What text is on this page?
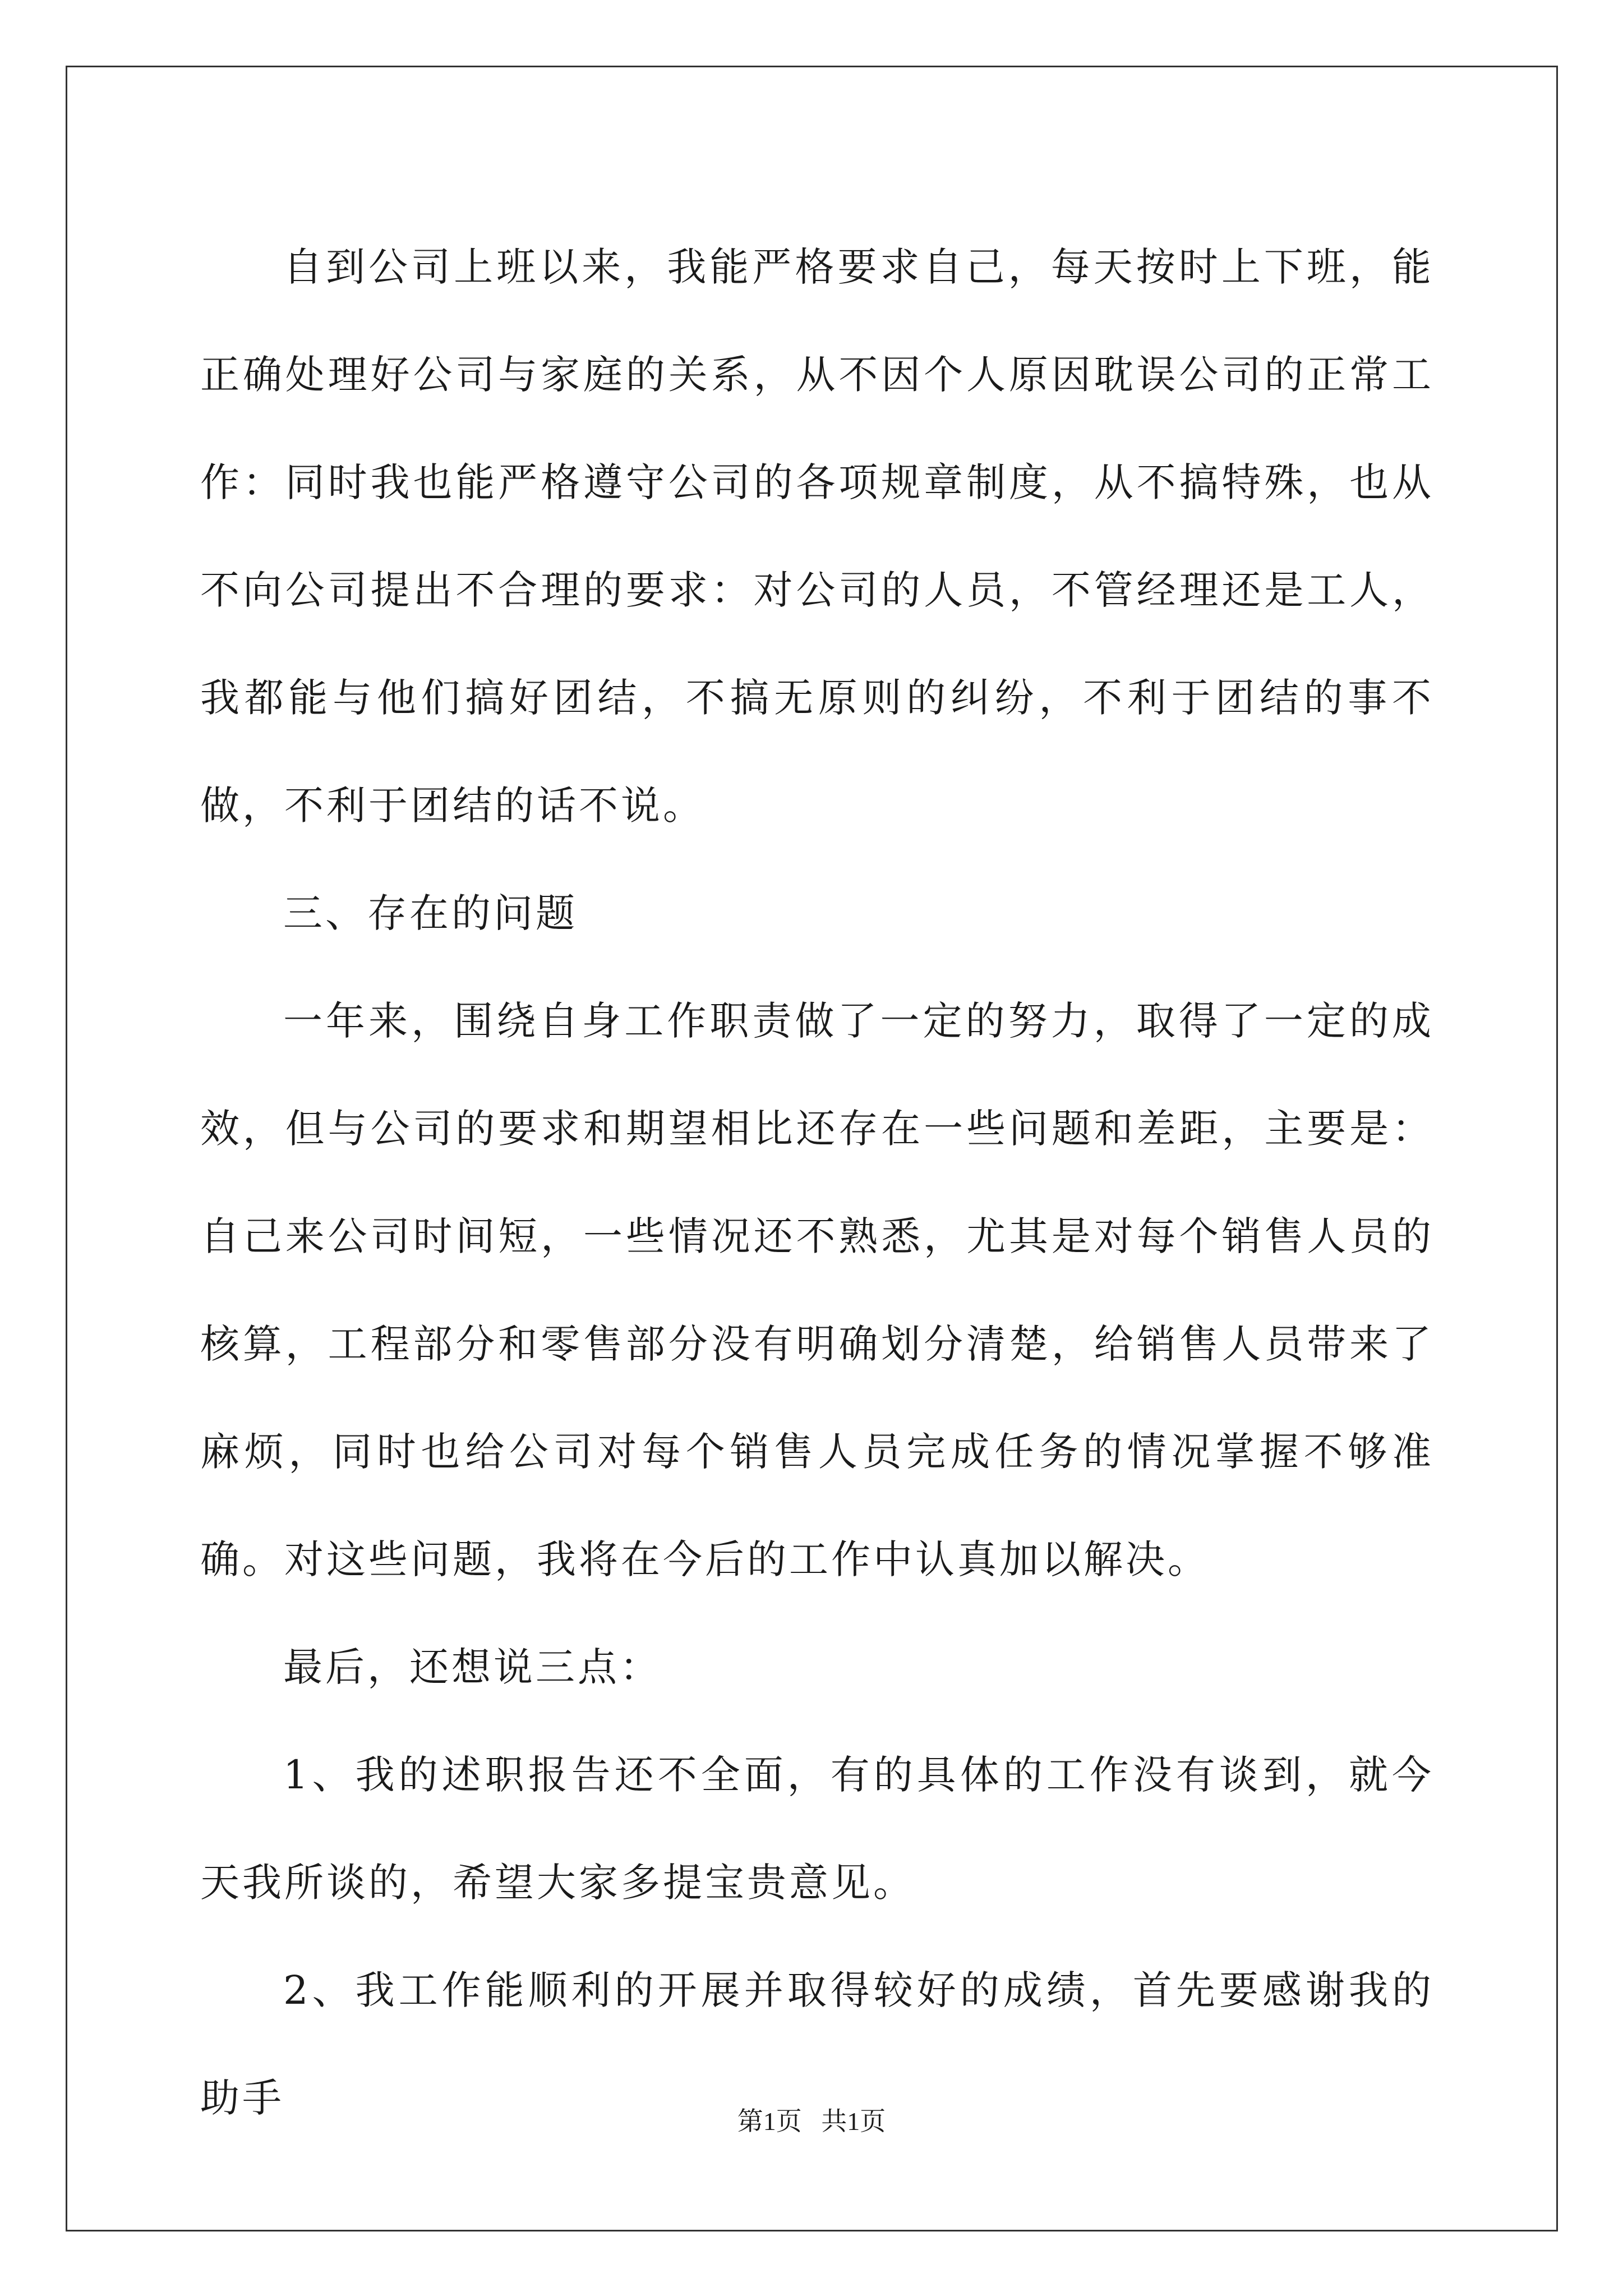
自到公司上班以来，我能严格要求自己，每天按时上下班，能正确处理好公司与家庭的关系，从不因个人原因耽误公司的正常工作：同时我也能严格遵守公司的各项规章制度，从不搞特殊，也从不向公司提出不合理的要求：对公司的人员，不管经理还是工人，我都能与他们搞好团结，不搞无原则的纠纷，不利于团结的事不做，不利于团结的话不说。

三、存在的问题

一年来，围绕自身工作职责做了一定的努力，取得了一定的成效，但与公司的要求和期望相比还存在一些问题和差距，主要是：自己来公司时间短，一些情况还不熟悉，尤其是对每个销售人员的核算，工程部分和零售部分没有明确划分清楚，给销售人员带来了麻烦，同时也给公司对每个销售人员完成任务的情况掌握不够准确。对这些问题，我将在今后的工作中认真加以解决。

最后，还想说三点：

1、我的述职报告还不全面，有的具体的工作没有谈到，就今天我所谈的，希望大家多提宝贵意见。

2、我工作能顺利的开展并取得较好的成绩，首先要感谢我的助手

第1页   共1页
